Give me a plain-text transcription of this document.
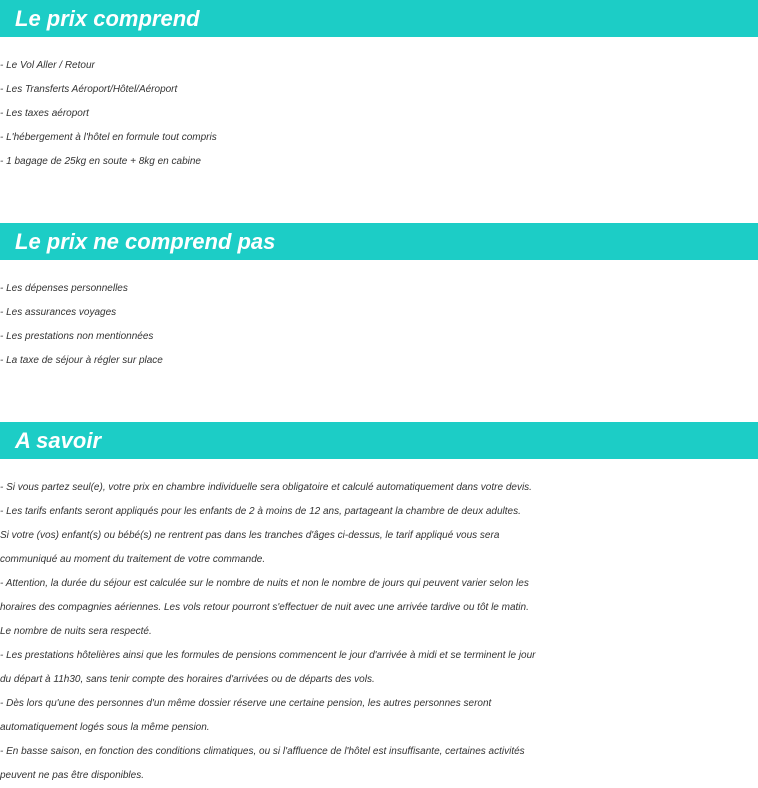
Le prix comprend
- Le Vol Aller / Retour
- Les Transferts Aéroport/Hôtel/Aéroport
- Les taxes aéroport
- L'hébergement à l'hôtel en formule tout compris
- 1 bagage de 25kg en soute + 8kg en cabine
Le prix ne comprend pas
- Les dépenses personnelles
- Les assurances voyages
- Les prestations non mentionnées
- La taxe de séjour à régler sur place
A savoir
- Si vous partez seul(e), votre prix en chambre individuelle sera obligatoire et calculé automatiquement dans votre devis.
- Les tarifs enfants seront appliqués pour les enfants de 2 à moins de 12 ans, partageant la chambre de deux adultes.
Si votre (vos) enfant(s) ou bébé(s) ne rentrent pas dans les tranches d'âges ci-dessus, le tarif appliqué vous sera
communiqué au moment du traitement de votre commande.
- Attention, la durée du séjour est calculée sur le nombre de nuits et non le nombre de jours qui peuvent varier selon les
horaires des compagnies aériennes. Les vols retour pourront s'effectuer de nuit avec une arrivée tardive ou tôt le matin.
Le nombre de nuits sera respecté.
- Les prestations hôtelières ainsi que les formules de pensions commencent le jour d'arrivée à midi et se terminent le jour
du départ à 11h30, sans tenir compte des horaires d'arrivées ou de départs des vols.
- Dès lors qu'une des personnes d'un même dossier réserve une certaine pension, les autres personnes seront
automatiquement logés sous la même pension.
- En basse saison, en fonction des conditions climatiques, ou si l'affluence de l'hôtel est insuffisante, certaines activités
peuvent ne pas être disponibles.
